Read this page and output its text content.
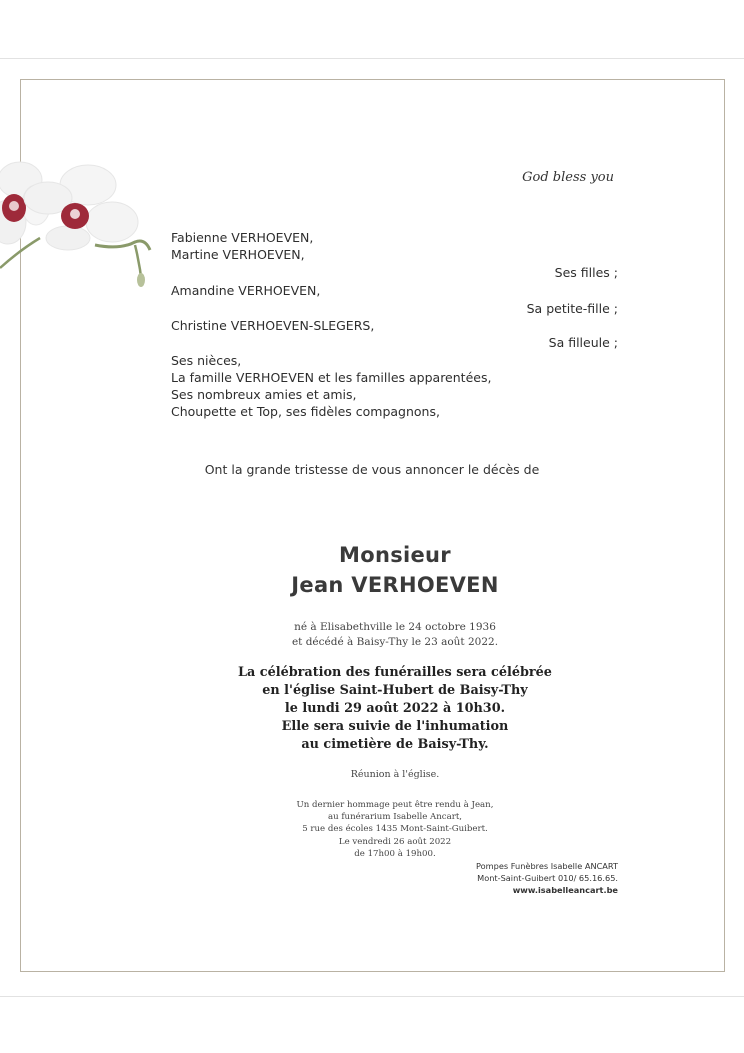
God bless you
Fabienne VERHOEVEN,
Martine VERHOEVEN,
Ses filles ;
Amandine VERHOEVEN,
Sa petite-fille ;
Christine VERHOEVEN-SLEGERS,
Sa filleule ;
Ses nièces,
La famille VERHOEVEN et les familles apparentées,
Ses nombreux amies et amis,
Choupette et Top, ses fidèles compagnons,
Ont la grande tristesse de vous annoncer le décès de
Monsieur
Jean VERHOEVEN
né à Elisabethville le 24 octobre 1936
et décédé à Baisy-Thy le 23 août 2022.
La célébration des funérailles sera célébrée
en l'église Saint-Hubert de Baisy-Thy
le lundi 29 août 2022 à 10h30.
Elle sera suivie de l'inhumation
au cimetière de Baisy-Thy.
Réunion à l'église.
Un dernier hommage peut être rendu à Jean,
au funérarium Isabelle Ancart,
5 rue des écoles 1435 Mont-Saint-Guibert.
Le vendredi 26 août 2022
de 17h00 à 19h00.
Pompes Funèbres Isabelle ANCART
Mont-Saint-Guibert 010/ 65.16.65.
www.isabelleancart.be
